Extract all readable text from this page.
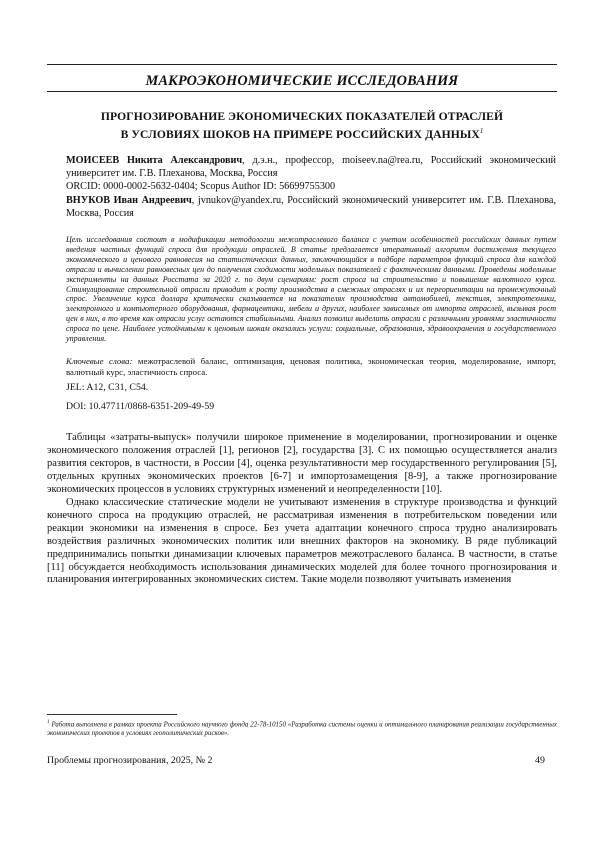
МАКРОЭКОНОМИЧЕСКИЕ ИССЛЕДОВАНИЯ
ПРОГНОЗИРОВАНИЕ ЭКОНОМИЧЕСКИХ ПОКАЗАТЕЛЕЙ ОТРАСЛЕЙ
В УСЛОВИЯХ ШОКОВ НА ПРИМЕРЕ РОССИЙСКИХ ДАННЫХ$^1$

МОИСЕЕВ Никита Александрович, д.э.н., профессор, moiseev.na@rea.ru, Российский экономический университет им. Г.В. Плеханова, Москва, Россия

ORCID: 0000-0002-5632-0404; Scopus Author ID: 56699755300

ВНУКОВ Иван Андреевич, jvnukov@yandex.ru, Российский экономический университет им. Г.В. Плеханова, Москва, Россия

Цель исследования состоит в модификации методологии межотраслевого баланса с учетом особенностей российских данных путем введения частных функций спроса для продукции отраслей. В статье предлагается итеративный алгоритм достижения текущего экономического и ценового равновесия на статистических данных, заключающийся в подборе параметров функций спроса для каждой отрасли и вычислении равновесных цен до получения сходимости модельных показателей с фактическими данными. Проведены модельные эксперименты на данных Росстата за 2020 г. по двум сценариям: рост спроса на строительство и повышение валютного курса. Стимулирование строительной отрасли приводит к росту производства в смежных отраслях и их переориентации на промежуточный спрос. Увеличение курса доллара критически сказывается на показателях производства автомобилей, текстиля, электротехники, электронного и компьютерного оборудования, фармацевтики, мебели и других, наиболее зависимых от импорта отраслей, вызывая рост цен в них, в то время как отрасли услуг остаются стабильными. Анализ позволил выделить отрасли с различными уровнями эластичности спроса по цене. Наиболее устойчивыми к ценовым шокам оказались услуги: социальные, образования, здравоохранения и государственного управления.

Ключевые слова: межотраслевой баланс, оптимизация, ценовая политика, экономическая теория, моделирование, импорт, валютный курс, эластичность спроса.
JEL: A12, C31, C54.
DOI: 10.47711/0868-6351-209-49-59

Таблицы «затраты-выпуск» получили широкое применение в моделировании, прогнозировании и оценке экономического положения отраслей [1], регионов [2], государства [3]. С их помощью осуществляется анализ развития секторов, в частности, в России [4], оценка результативности мер государственного регулирования [5], отдельных крупных экономических проектов [6-7] и импортозамещения [8-9], а также прогнозирование экономических процессов в условиях структурных изменений и неопределенности [10].

Однако классические статические модели не учитывают изменения в структуре производства и функций конечного спроса на продукцию отраслей, не рассматривая изменения в потребительском поведении или реакции экономики на изменения в спросе. Без учета адаптации конечного спроса трудно анализировать воздействия различных экономических политик или внешних факторов на экономику. В ряде публикаций предпринимались попытки динамизации ключевых параметров межотраслевого баланса. В частности, в статье [11] обсуждается необходимость использования динамических моделей для более точного прогнозирования и планирования интегрированных экономических систем. Такие модели позволяют учитывать изменения

$^1$ Работа выполнена в рамках проекта Российского научного фонда 22-78-10150 «Разработка системы оценки и оптимального планирования реализации государственных экономических проектов в условиях геополитических рисков».
Проблемы прогнозирования, 2025, № 2	49
